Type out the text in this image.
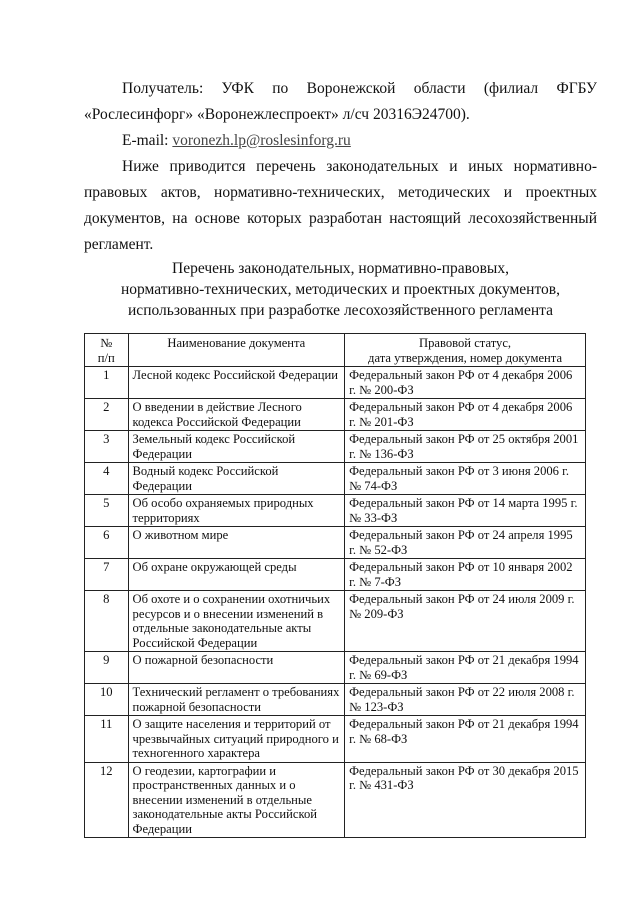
Получатель: УФК по Воронежской области (филиал ФГБУ «Рослесинфорг» «Воронежлеспроект» л/сч 20316Э24700).

E-mail: voronezh.lp@roslesinforg.ru

Ниже приводится перечень законодательных и иных нормативно-правовых актов, нормативно-технических, методических и проектных документов, на основе которых разработан настоящий лесохозяйственный регламент.

Перечень законодательных, нормативно-правовых,
нормативно-технических, методических и проектных документов,
использованных при разработке лесохозяйственного регламента
№
п/п	Наименование документа	Правовой статус,
дата утверждения, номер документа
1	Лесной кодекс Российской Федерации	Федеральный закон РФ от 4 декабря 2006 г. № 200-ФЗ
2	О введении в действие Лесного кодекса Российской Федерации	Федеральный закон РФ от 4 декабря 2006 г. № 201-ФЗ
3	Земельный кодекс Российской Федерации	Федеральный закон РФ от 25 октября 2001 г. № 136-ФЗ
4	Водный кодекс Российской Федерации	Федеральный закон РФ от 3 июня 2006 г. № 74-ФЗ
5	Об особо охраняемых природных территориях	Федеральный закон РФ от 14 марта 1995 г. № 33-ФЗ
6	О животном мире	Федеральный закон РФ от 24 апреля 1995 г. № 52-ФЗ
7	Об охране окружающей среды	Федеральный закон РФ от 10 января 2002 г. № 7-ФЗ
8	Об охоте и о сохранении охотничьих ресурсов и о внесении изменений в отдельные законодательные акты Российской Федерации	Федеральный закон РФ от 24 июля 2009 г. № 209-ФЗ
9	О пожарной безопасности	Федеральный закон РФ от 21 декабря 1994 г. № 69-ФЗ
10	Технический регламент о требованиях пожарной безопасности	Федеральный закон РФ от 22 июля 2008 г. № 123-ФЗ
11	О защите населения и территорий от чрезвычайных ситуаций природного и техногенного характера	Федеральный закон РФ от 21 декабря 1994 г. № 68-ФЗ
12	О геодезии, картографии и пространственных данных и о внесении изменений в отдельные законодательные акты Российской Федерации	Федеральный закон РФ от 30 декабря 2015 г. № 431-ФЗ
